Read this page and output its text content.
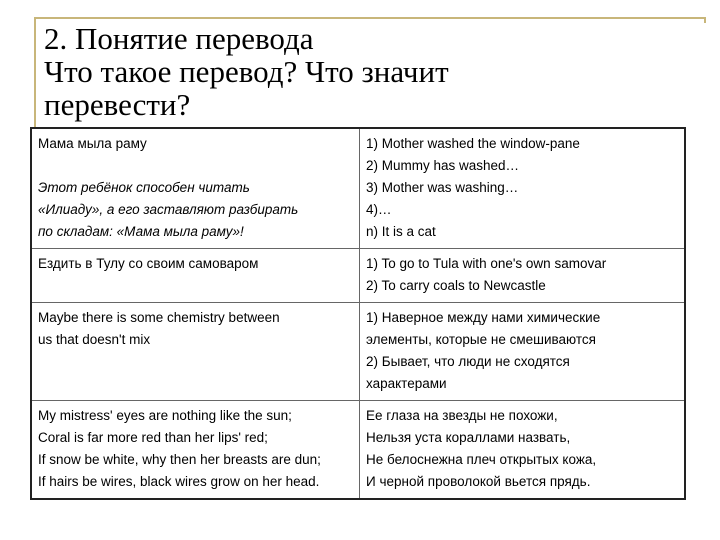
2. Понятие перевода
Что такое перевод? Что значит
перевести?
Мама мыла раму
Этот ребёнок способен читать
«Илиаду», а его заставляют разбирать
по складам: «Мама мыла раму»!	1) Mother washed the window-pane
2) Mummy has washed…
3) Mother was washing…
4)…
n) It is a cat

Ездить в Тулу со своим самоваром	1) To go to Tula with one's own samovar
2) To carry coals to Newcastle

Maybe there is some chemistry between
us that doesn't mix	1) Наверное между нами химические
элементы, которые не смешиваются
2) Бывает, что люди не сходятся
характерами

My mistress' eyes are nothing like the sun;
Coral is far more red than her lips' red;
If snow be white, why then her breasts are dun;
If hairs be wires, black wires grow on her head.	Ее глаза на звезды не похожи,
Нельзя уста кораллами назвать,
Не белоснежна плеч открытых кожа,
И черной проволокой вьется прядь.
